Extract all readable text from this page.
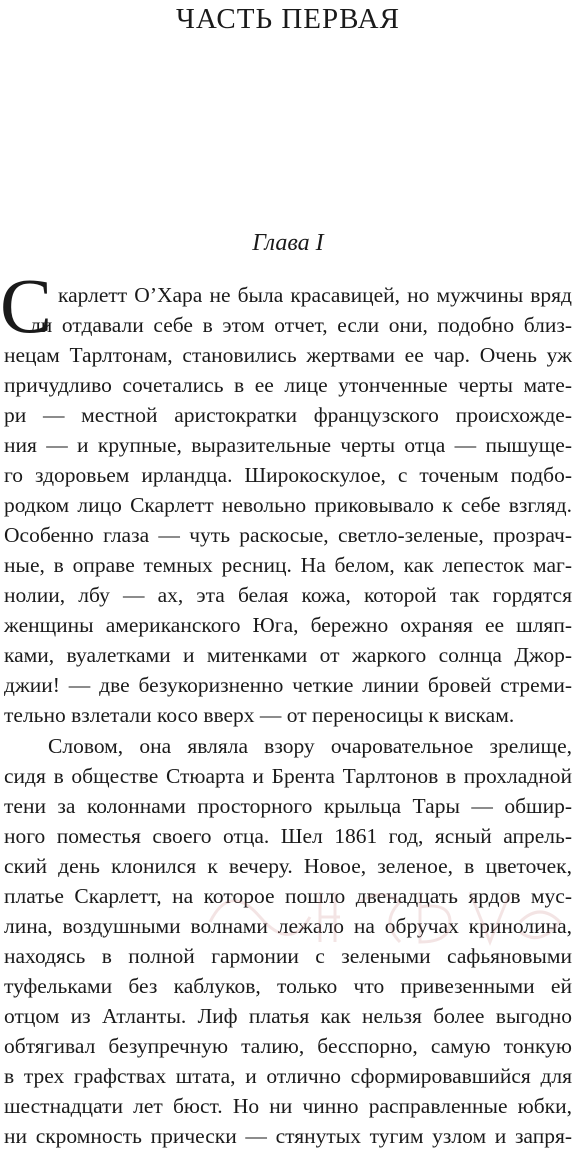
ЧАСТЬ ПЕРВАЯ
Глава I
С карлетт О’Хара не была красавицей, но мужчины вряд
ли отдавали себе в этом отчет, если они, подобно близ-
нецам Тарлтонам, становились жертвами ее чар. Очень уж
причудливо сочетались в ее лице утонченные черты мате-
ри — местной аристократки французского происхожде-
ния — и крупные, выразительные черты отца — пышуще-
го здоровьем ирландца. Широкоскулое, с точеным подбо-
родком лицо Скарлетт невольно приковывало к себе взгляд.
Особенно глаза — чуть раскосые, светло-зеленые, прозрач-
ные, в оправе темных ресниц. На белом, как лепесток маг-
нолии, лбу — ах, эта белая кожа, которой так гордятся
женщины американского Юга, бережно охраняя ее шляп-
ками, вуалетками и митенками от жаркого солнца Джор-
джии! — две безукоризненно четкие линии бровей стреми-
тельно взлетали косо вверх — от переносицы к вискам.
Словом, она являла взору очаровательное зрелище,
сидя в обществе Стюарта и Брента Тарлтонов в прохладной
тени за колоннами просторного крыльца Тары — обшир-
ного поместья своего отца. Шел 1861 год, ясный апрель-
ский день клонился к вечеру. Новое, зеленое, в цветочек,
платье Скарлетт, на которое пошло двенадцать ярдов мус-
лина, воздушными волнами лежало на обручах кринолина,
находясь в полной гармонии с зелеными сафьяновыми
туфельками без каблуков, только что привезенными ей
отцом из Атланты. Лиф платья как нельзя более выгодно
обтягивал безупречную талию, бесспорно, самую тонкую
в трех графствах штата, и отлично сформировавшийся для
шестнадцати лет бюст. Но ни чинно расправленные юбки,
ни скромность прически — стянутых тугим узлом и запря-
